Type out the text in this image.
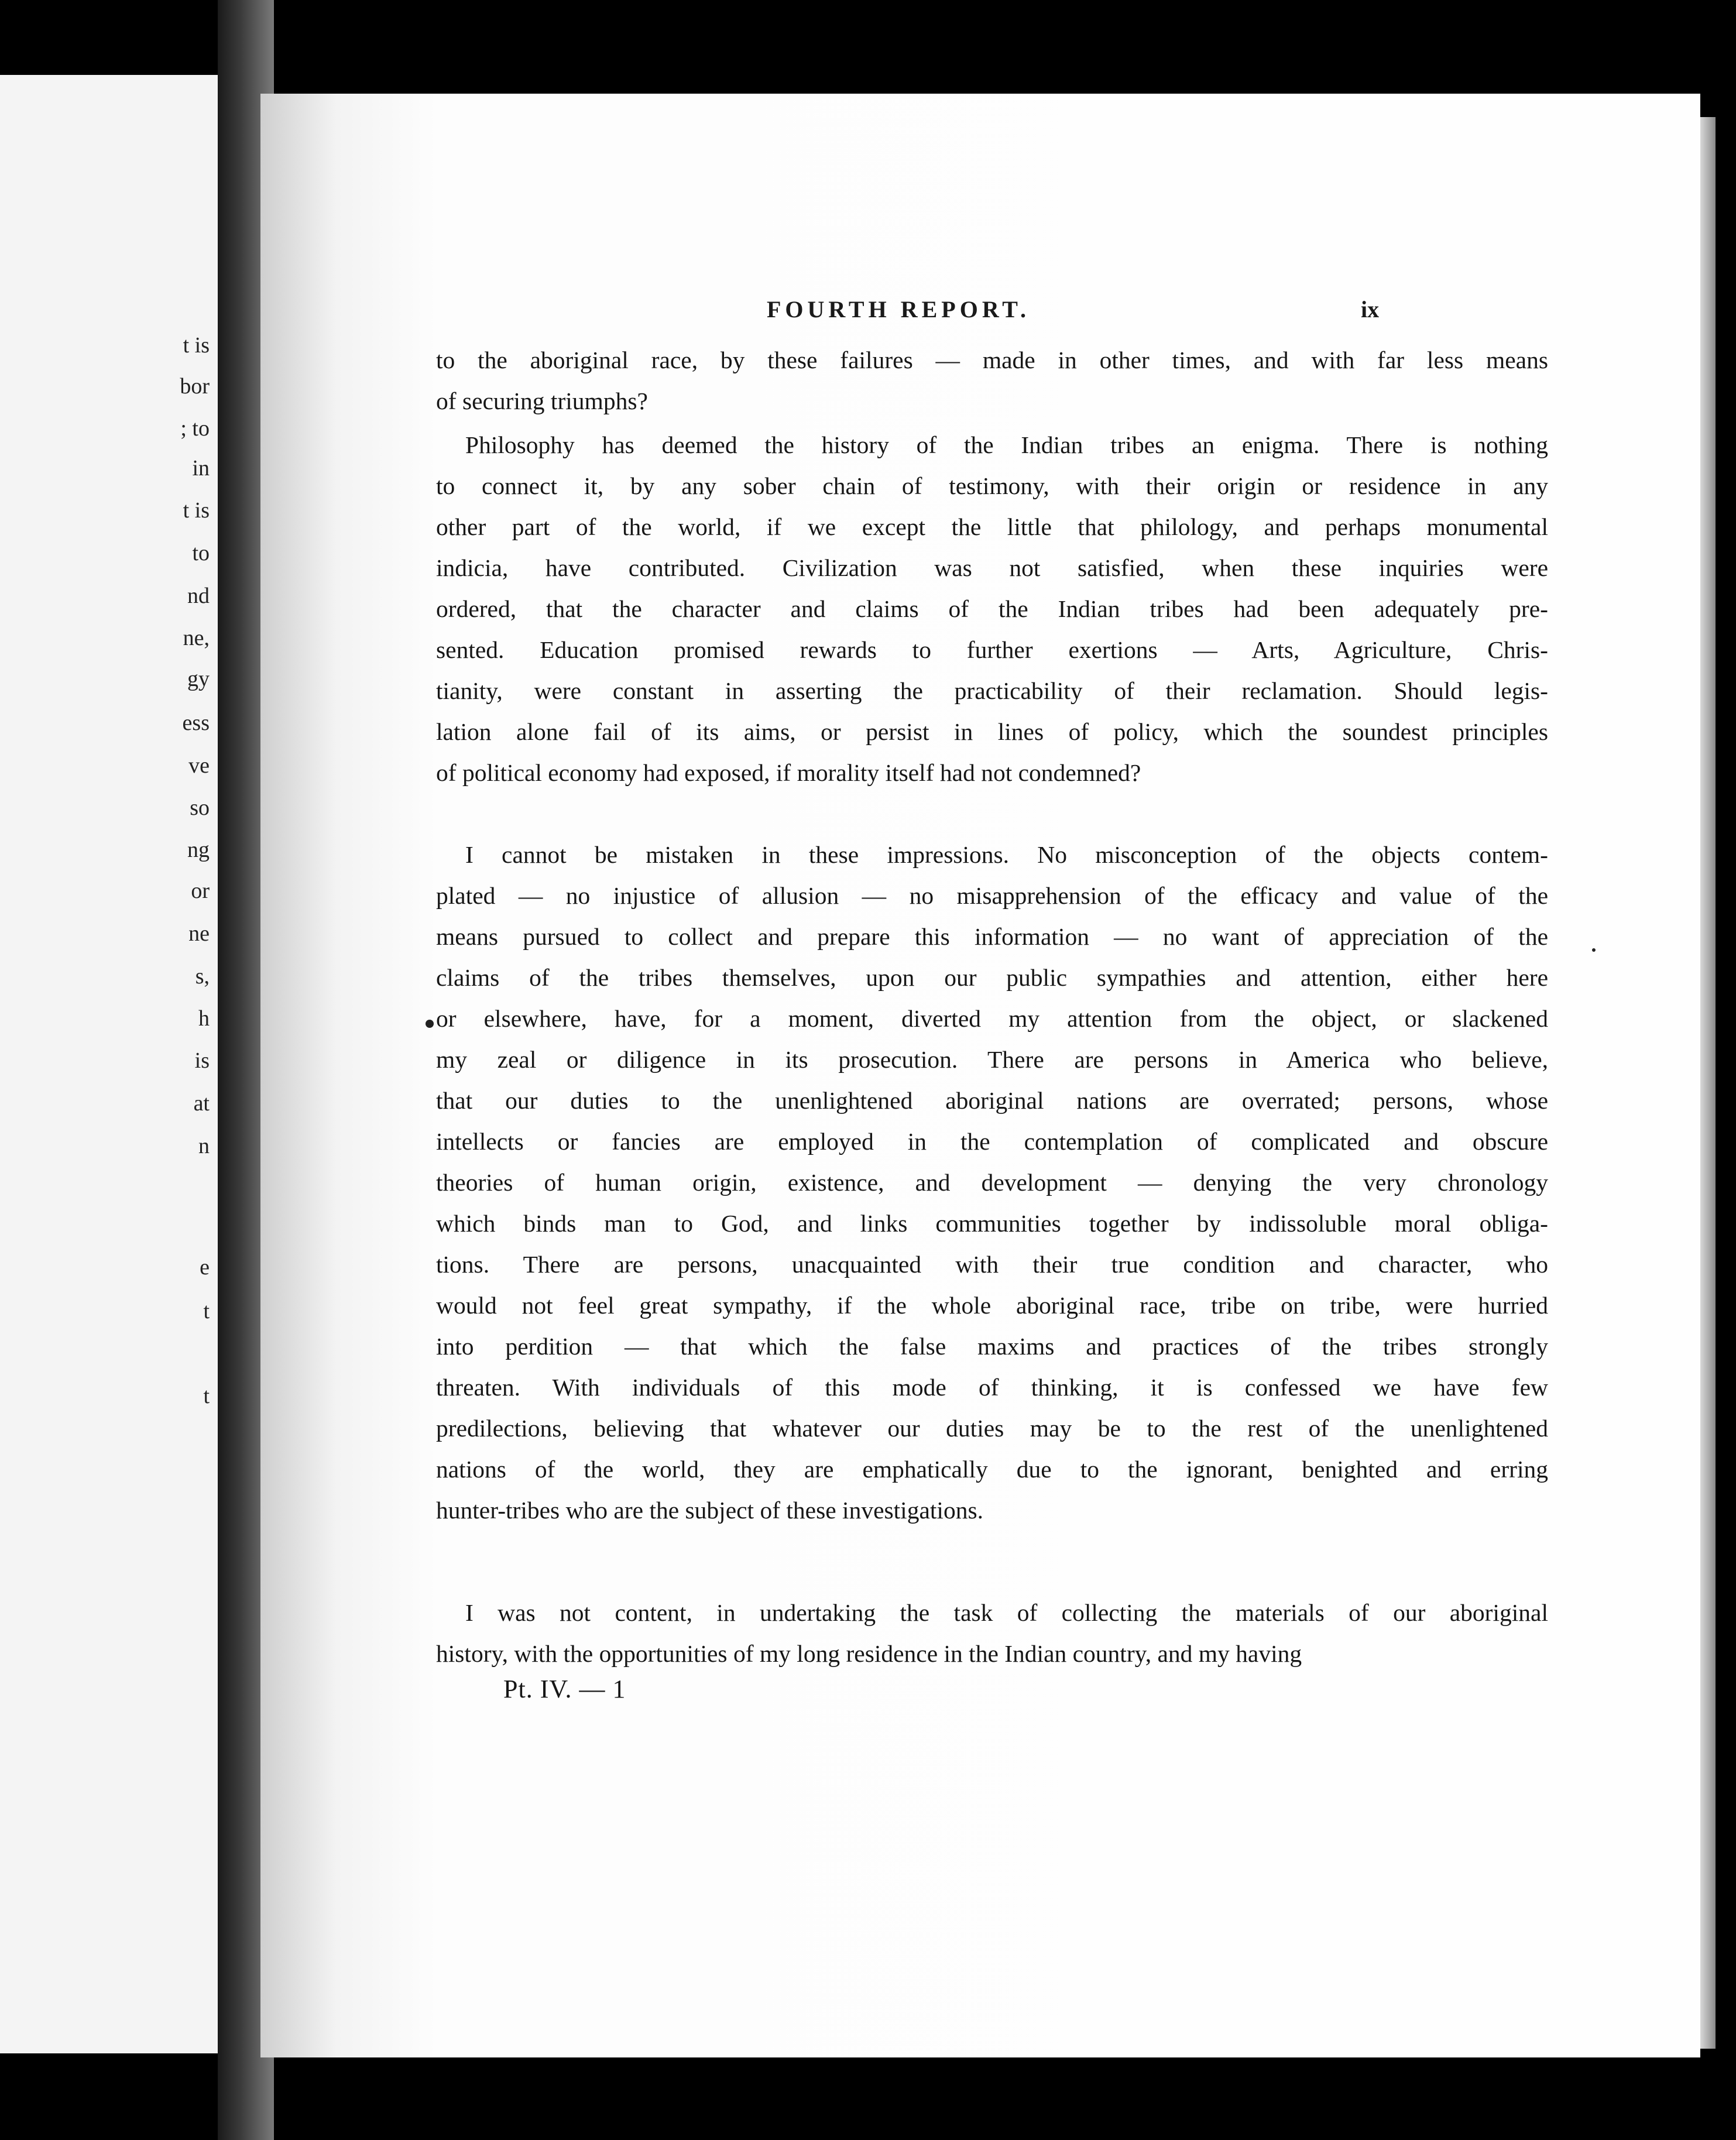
t is
bor
; to
in
t is
to
nd
ne,
gy
ess
ve
so
ng
or
ne
s,
h
is
at
n
e
t
t
FOURTH REPORT.	ix
to the aboriginal race, by these failures — made in other times, and with far less means
of securing triumphs?
Philosophy has deemed the history of the Indian tribes an enigma. There is nothing
to connect it, by any sober chain of testimony, with their origin or residence in any
other part of the world, if we except the little that philology, and perhaps monumental
indicia, have contributed. Civilization was not satisfied, when these inquiries were
ordered, that the character and claims of the Indian tribes had been adequately pre-
sented. Education promised rewards to further exertions — Arts, Agriculture, Chris-
tianity, were constant in asserting the practicability of their reclamation. Should legis-
lation alone fail of its aims, or persist in lines of policy, which the soundest principles
of political economy had exposed, if morality itself had not condemned?
I cannot be mistaken in these impressions. No misconception of the objects contem-
plated — no injustice of allusion — no misapprehension of the efficacy and value of the
means pursued to collect and prepare this information — no want of appreciation of the
claims of the tribes themselves, upon our public sympathies and attention, either here
or elsewhere, have, for a moment, diverted my attention from the object, or slackened
my zeal or diligence in its prosecution. There are persons in America who believe,
that our duties to the unenlightened aboriginal nations are overrated; persons, whose
intellects or fancies are employed in the contemplation of complicated and obscure
theories of human origin, existence, and development — denying the very chronology
which binds man to God, and links communities together by indissoluble moral obliga-
tions. There are persons, unacquainted with their true condition and character, who
would not feel great sympathy, if the whole aboriginal race, tribe on tribe, were hurried
into perdition — that which the false maxims and practices of the tribes strongly
threaten. With individuals of this mode of thinking, it is confessed we have few
predilections, believing that whatever our duties may be to the rest of the unenlightened
nations of the world, they are emphatically due to the ignorant, benighted and erring
hunter-tribes who are the subject of these investigations.
I was not content, in undertaking the task of collecting the materials of our aboriginal
history, with the opportunities of my long residence in the Indian country, and my having
Pt. IV. — 1
